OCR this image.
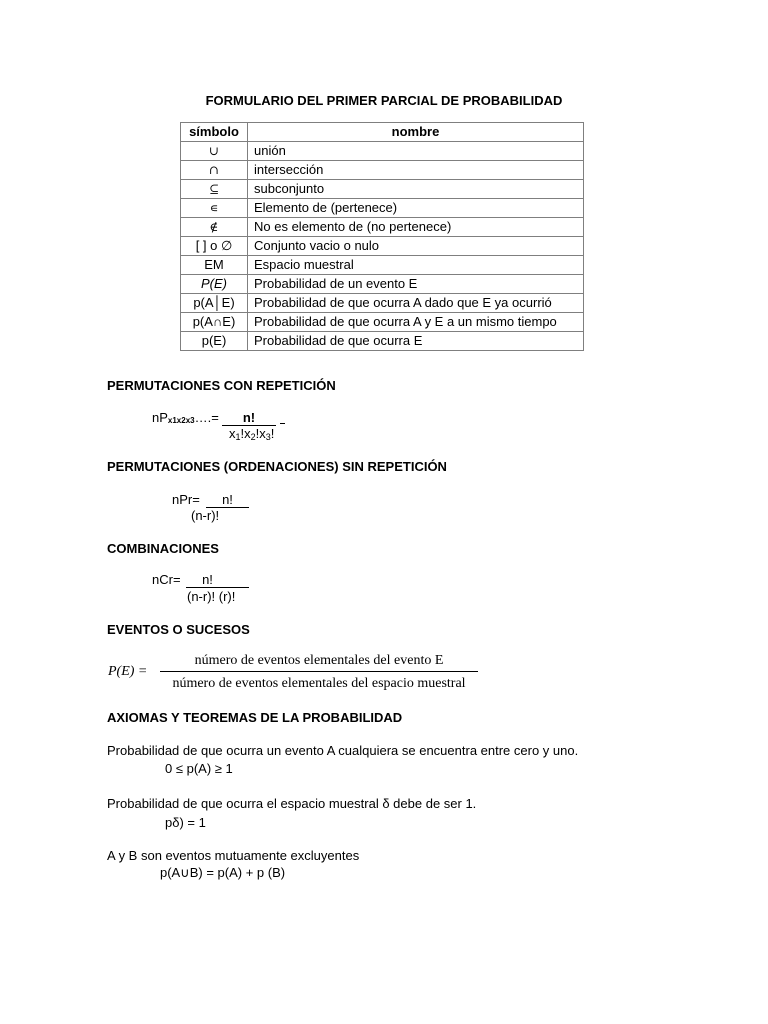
FORMULARIO DEL PRIMER PARCIAL DE PROBABILIDAD
símbolo	nombre
∪	unión
∩	intersección
⊆	subconjunto
∊	Elemento de (pertenece)
∉	No es elemento de (no pertenece)
[ ] o ∅	Conjunto vacio o nulo
EM	Espacio muestral
P(E)	Probabilidad de un evento E
p(A│E)	Probabilidad de que ocurra A dado que E ya ocurrió
p(A∩E)	Probabilidad de que ocurra A y E a un mismo tiempo
p(E)	Probabilidad de que ocurra E
PERMUTACIONES CON REPETICIÓN
$nP_{x1x2x3}\dots.=$	n!
$x_1!x_2!x_3$!
PERMUTACIONES (ORDENACIONES) SIN REPETICIÓN
nPr=	n!
(n-r)!
COMBINACIONES
nCr=	n!
(n-r)! (r)!
EVENTOS O SUCESOS
P(E) =
número de eventos elementales del evento E
número de eventos elementales del espacio muestral
AXIOMAS Y TEOREMAS DE LA PROBABILIDAD
Probabilidad de que ocurra un evento A cualquiera se encuentra entre cero y uno.
0 ≤ p(A) ≥ 1
Probabilidad de que ocurra el espacio muestral δ debe de ser 1.
pδ) = 1
A y B son eventos mutuamente excluyentes
p(A∪B) = p(A) + p (B)
